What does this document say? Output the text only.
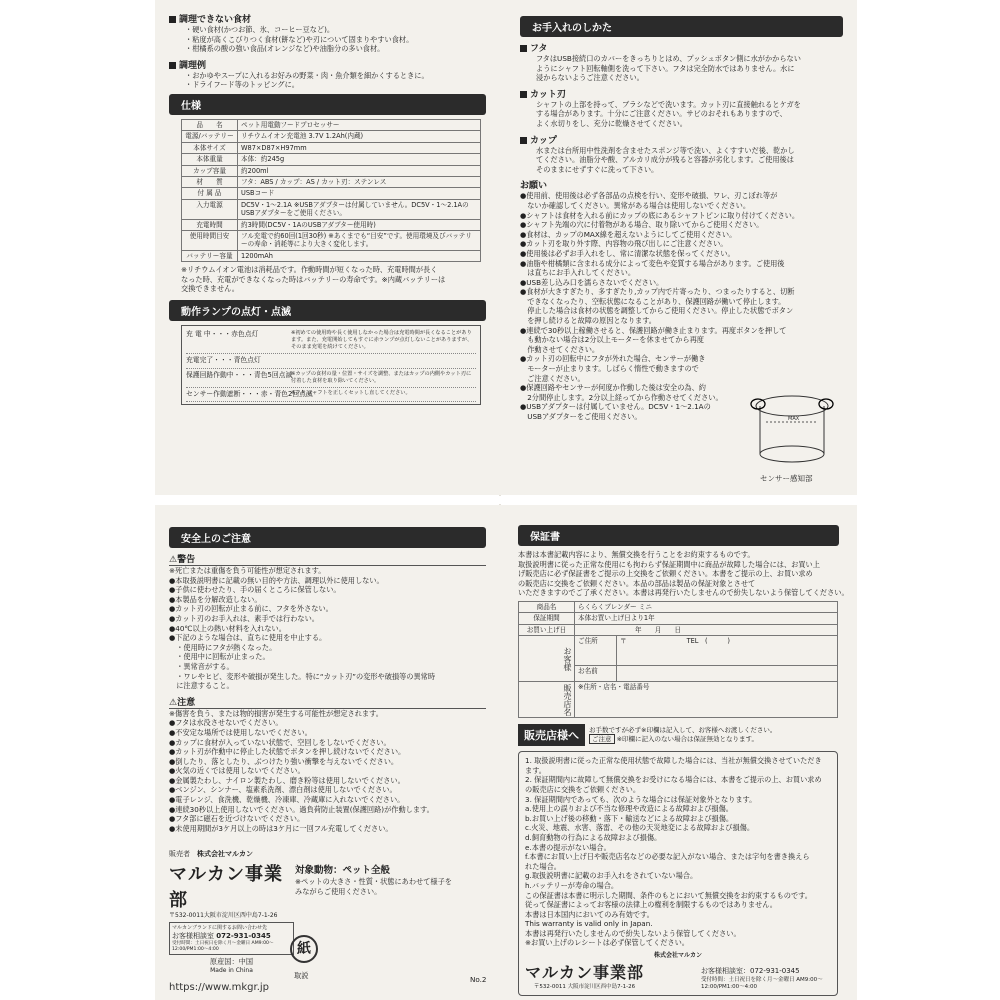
調理できない食材
・硬い食材(かつお節、氷、コーヒー豆など)。
・粘度が高くこびりつく食材(餅など)や刃について固まりやすい食材。
・柑橘系の酸の強い食品(オレンジなど)や油脂分の多い食材。
調理例
・おかゆやスープに入れるお好みの野菜・肉・魚介類を細かくするときに。
・ドライフード等のトッピングに。
仕様
品　　名	ペット用電動フードプロセッサー
電源/バッテリー	リチウムイオン充電池 3.7V 1.2Ah(内蔵)
本体サイズ	W87×D87×H97mm
本体重量	本体：約245g
カップ容量	約200ml
材　　質	フタ：ABS / カップ：AS / カット刃：ステンレス
付 属 品	USBコード
入力電源	DC5V・1～2.1A ※USBアダプターは付属していません。DC5V・1～2.1AのUSBアダプターをご使用ください。
充電時間	約3時間(DC5V・1AのUSBアダプター使用時)
使用時間目安	フル充電で約60回(1回30秒) ※あくまでも“目安”です。使用環境及びバッテリーの寿命・消耗等により大きく変化します。
バッテリー容量	1200mAh
※リチウムイオン電池は消耗品です。作動時間が短くなった時、充電時間が長く
なった時、充電ができなくなった時はバッテリーの寿命です。※内蔵バッテリーは
交換できません。
動作ランプの点灯・点滅
充 電 中・・・赤色点灯	※初めての使用時や長く使用しなかった場合は充電時間が長くなることがあります。また、充電開始してもすぐに赤ランプが点灯しないことがありますが、そのまま充電を続けてください。
充電完了・・・青色点灯
保護回路作動中・・・青色5回点滅
※カップの食材の量・位置・サイズを調整、またはカップの内側やカット刃に付着した食材を取り除いてください。
センサー作動遮断・・・赤・青色2回点滅
※フタ,シャフトを正しくセットし直してください。
お手入れのしかた
フタ
フタはUSB接続口のカバーをきっちりとはめ、プッシュボタン側に水がかからない
ようにシャフト回転軸側を洗って下さい。フタは完全防水ではありません。水に
浸からないようご注意ください。
カット刃
シャフトの上部を持って、ブラシなどで洗います。カット刃に直接触れるとケガを
する場合があります。十分にご注意ください。サビのおそれもありますので、
よく水切りをし、充分に乾燥させてください。
カップ
水または台所用中性洗剤を含ませたスポンジ等で洗い、よくすすいだ後、乾かし
てください。油脂分や酸、アルカリ成分が残ると容器が劣化します。ご使用後は
そのままにせずすぐに洗って下さい。
お願い
●使用前、使用後は必ず各部品の点検を行い、変形や破損、ワレ、刃こぼれ等が
　ないか確認してください。異常がある場合は使用しないでください。
●シャフトは食材を入れる前にカップの底にあるシャフトピンに取り付けてください。
●シャフト先端の穴に付着物がある場合、取り除いてからご使用ください。
●食材は、カップのMAX線を超えないようにしてご使用ください。
●カット刃を取り外す際、内容物の飛び出しにご注意ください。
●使用後は必ずお手入れをし、常に清潔な状態を保ってください。
●油脂や柑橘類に含まれる成分によって変色や変質する場合があります。ご使用後
　は直ちにお手入れしてください。
●USB差し込み口を濡らさないでください。
●食材が大きすぎたり、多すぎたり,カップ内で片寄ったり、つまったりすると、切断
　できなくなったり、空転状態になることがあり、保護回路が働いて停止します。
　停止した場合は食材の状態を調整してからご使用ください。停止した状態でボタン
　を押し続けると故障の原因となります。
●連続で30秒以上稼働させると、保護回路が働き止まります。再度ボタンを押して
　も動かない場合は2分以上モーターを休ませてから再度
　作動させてください。
●カット刃の回転中にフタが外れた場合、センサーが働き
　モーターが止まります。しばらく惰性で動きますので
　ご注意ください。
●保護回路やセンサーが何度か作動した後は安全の為、約
　2分間停止します。2分以上経ってから作動させてください。
●USBアダプターは付属していません。DC5V・1～2.1Aの
　USBアダプターをご使用ください。	MAX
センサー感知部
安全上のご注意
⚠警告
※死亡または重傷を負う可能性が想定されます。
●本取扱説明書に記載の無い目的や方法、調理以外に使用しない。
●子供に使わせたり、手の届くところに保管しない。
●本製品を分解改造しない。
●カット刃の回転が止まる前に、フタを外さない。
●カット刃のお手入れは、素手では行わない。
●40℃以上の熱い材料を入れない。
●下記のような場合は、直ちに使用を中止する。
　・使用時にフタが熱くなった。
　・使用中に回転が止まった。
　・異常音がする。
　・ワレやヒビ、変形や破損が発生した。特に“カット刃”の変形や破損等の異常時
　に注意すること。
⚠注意
※傷害を負う、または物的損害が発生する可能性が想定されます。
●フタは水没させないでください。
●不安定な場所では使用しないでください。
●カップに食材が入っていない状態で、空回しをしないでください。
●カット刃が作動中に停止した状態でボタンを押し続けないでください。
●倒したり、落としたり、ぶつけたり強い衝撃を与えないでください。
●火気の近くでは使用しないでください。
●金属製たわし、ナイロン製たわし、磨き粉等は使用しないでください。
●ベンジン、シンナー、塩素系洗剤、漂白剤は使用しないでください。
●電子レンジ、食洗機、乾燥機、冷凍庫、冷蔵庫に入れないでください。
●連続30秒以上使用しないでください。過負荷防止装置(保護回路)が作動します。
●フタ部に磁石を近づけないでください。
●未使用期間が3ケ月以上の時は3ケ月に一回フル充電してください。
販売者　 株式会社マルカン
マルカン事業部
〒532-0011大阪市淀川区西中島7-1-26
マルカンブランドに関するお問い合わせ先
お客様相談室 072-931-0345
受付時間：土日祝日を除く月～金曜日 AM9:00～12:00/PM1:00～4:00
原産国：中国
Made in China
https://www.mkgr.jp
対象動物：ペット全般
※ペットの大きさ・性質・状態にあわせて様子を
みながらご使用ください。
紙
取説	No.2
保証書
本書は本書記載内容により、無償交換を行うことをお約束するものです。
取扱説明書に従った正常な使用にも拘わらず保証期間中に商品が故障した場合には、お買い上
げ販売店に必ず保証書をご提示の上交換をご依頼ください。本書をご提示の上、お買い求め
の販売店に交換をご依頼ください。本品の部品は製品の保証対象とさせて
いただきますのでご了承ください。本書は再発行いたしませんので紛失しないよう保管してください。
商品名	らくらくブレンダー ミニ	
保証期間	本体お買い上げ日より1年	
お買い上げ日	年　　月　　日	
お客様	ご住所	〒 TEL　(　　　)
	お名前	
販売店名	※住所・店名・電話番号	
販売店様へ	お手数ですが必ず※印欄は記入して、お客様へお渡しください。
ご注意 ※印欄に記入のない場合は保証無効となります。
1. 取扱説明書に従った正常な使用状態で故障した場合には、当社が無償交換させていただき
ます。
2. 保証期間内に故障して無償交換をお受けになる場合には、本書をご提示の上、お買い求め
の販売店に交換をご依頼ください。
3. 保証期間内であっても、次のような場合には保証対象外となります。
a.使用上の誤りおよび不当な修理や改造による故障および損傷。
b.お買い上げ後の移動・落下・輸送などによる故障および損傷。
c.火災、地震、水害、落雷、その他の天災地変による故障および損傷。
d.飼育動物の行為による故障および損傷。
e.本書の提示がない場合。
f.本書にお買い上げ日や販売店名などの必要な記入がない場合、または字句を書き換えら
れた場合。
g.取扱説明書に記載のお手入れをされていない場合。
h.バッテリーが寿命の場合。
この保証書は本書に明示した期間、条件のもとにおいて無償交換をお約束するものです。
従って保証書によってお客様の法律上の権利を制限するものではありません。
本書は日本国内においてのみ有効です。
This warranty is valid only in Japan.
本書は再発行いたしませんので紛失しないよう保管してください。
※お買い上げのレシートは必ず保管してください。
株式会社マルカン
マルカン事業部
〒532-0011 大阪市淀川区西中島7-1-26
お客様相談室：072-931-0345
受付時間：土日祝日を除く月～金曜日 AM9:00～12:00/PM1:00～4:00
